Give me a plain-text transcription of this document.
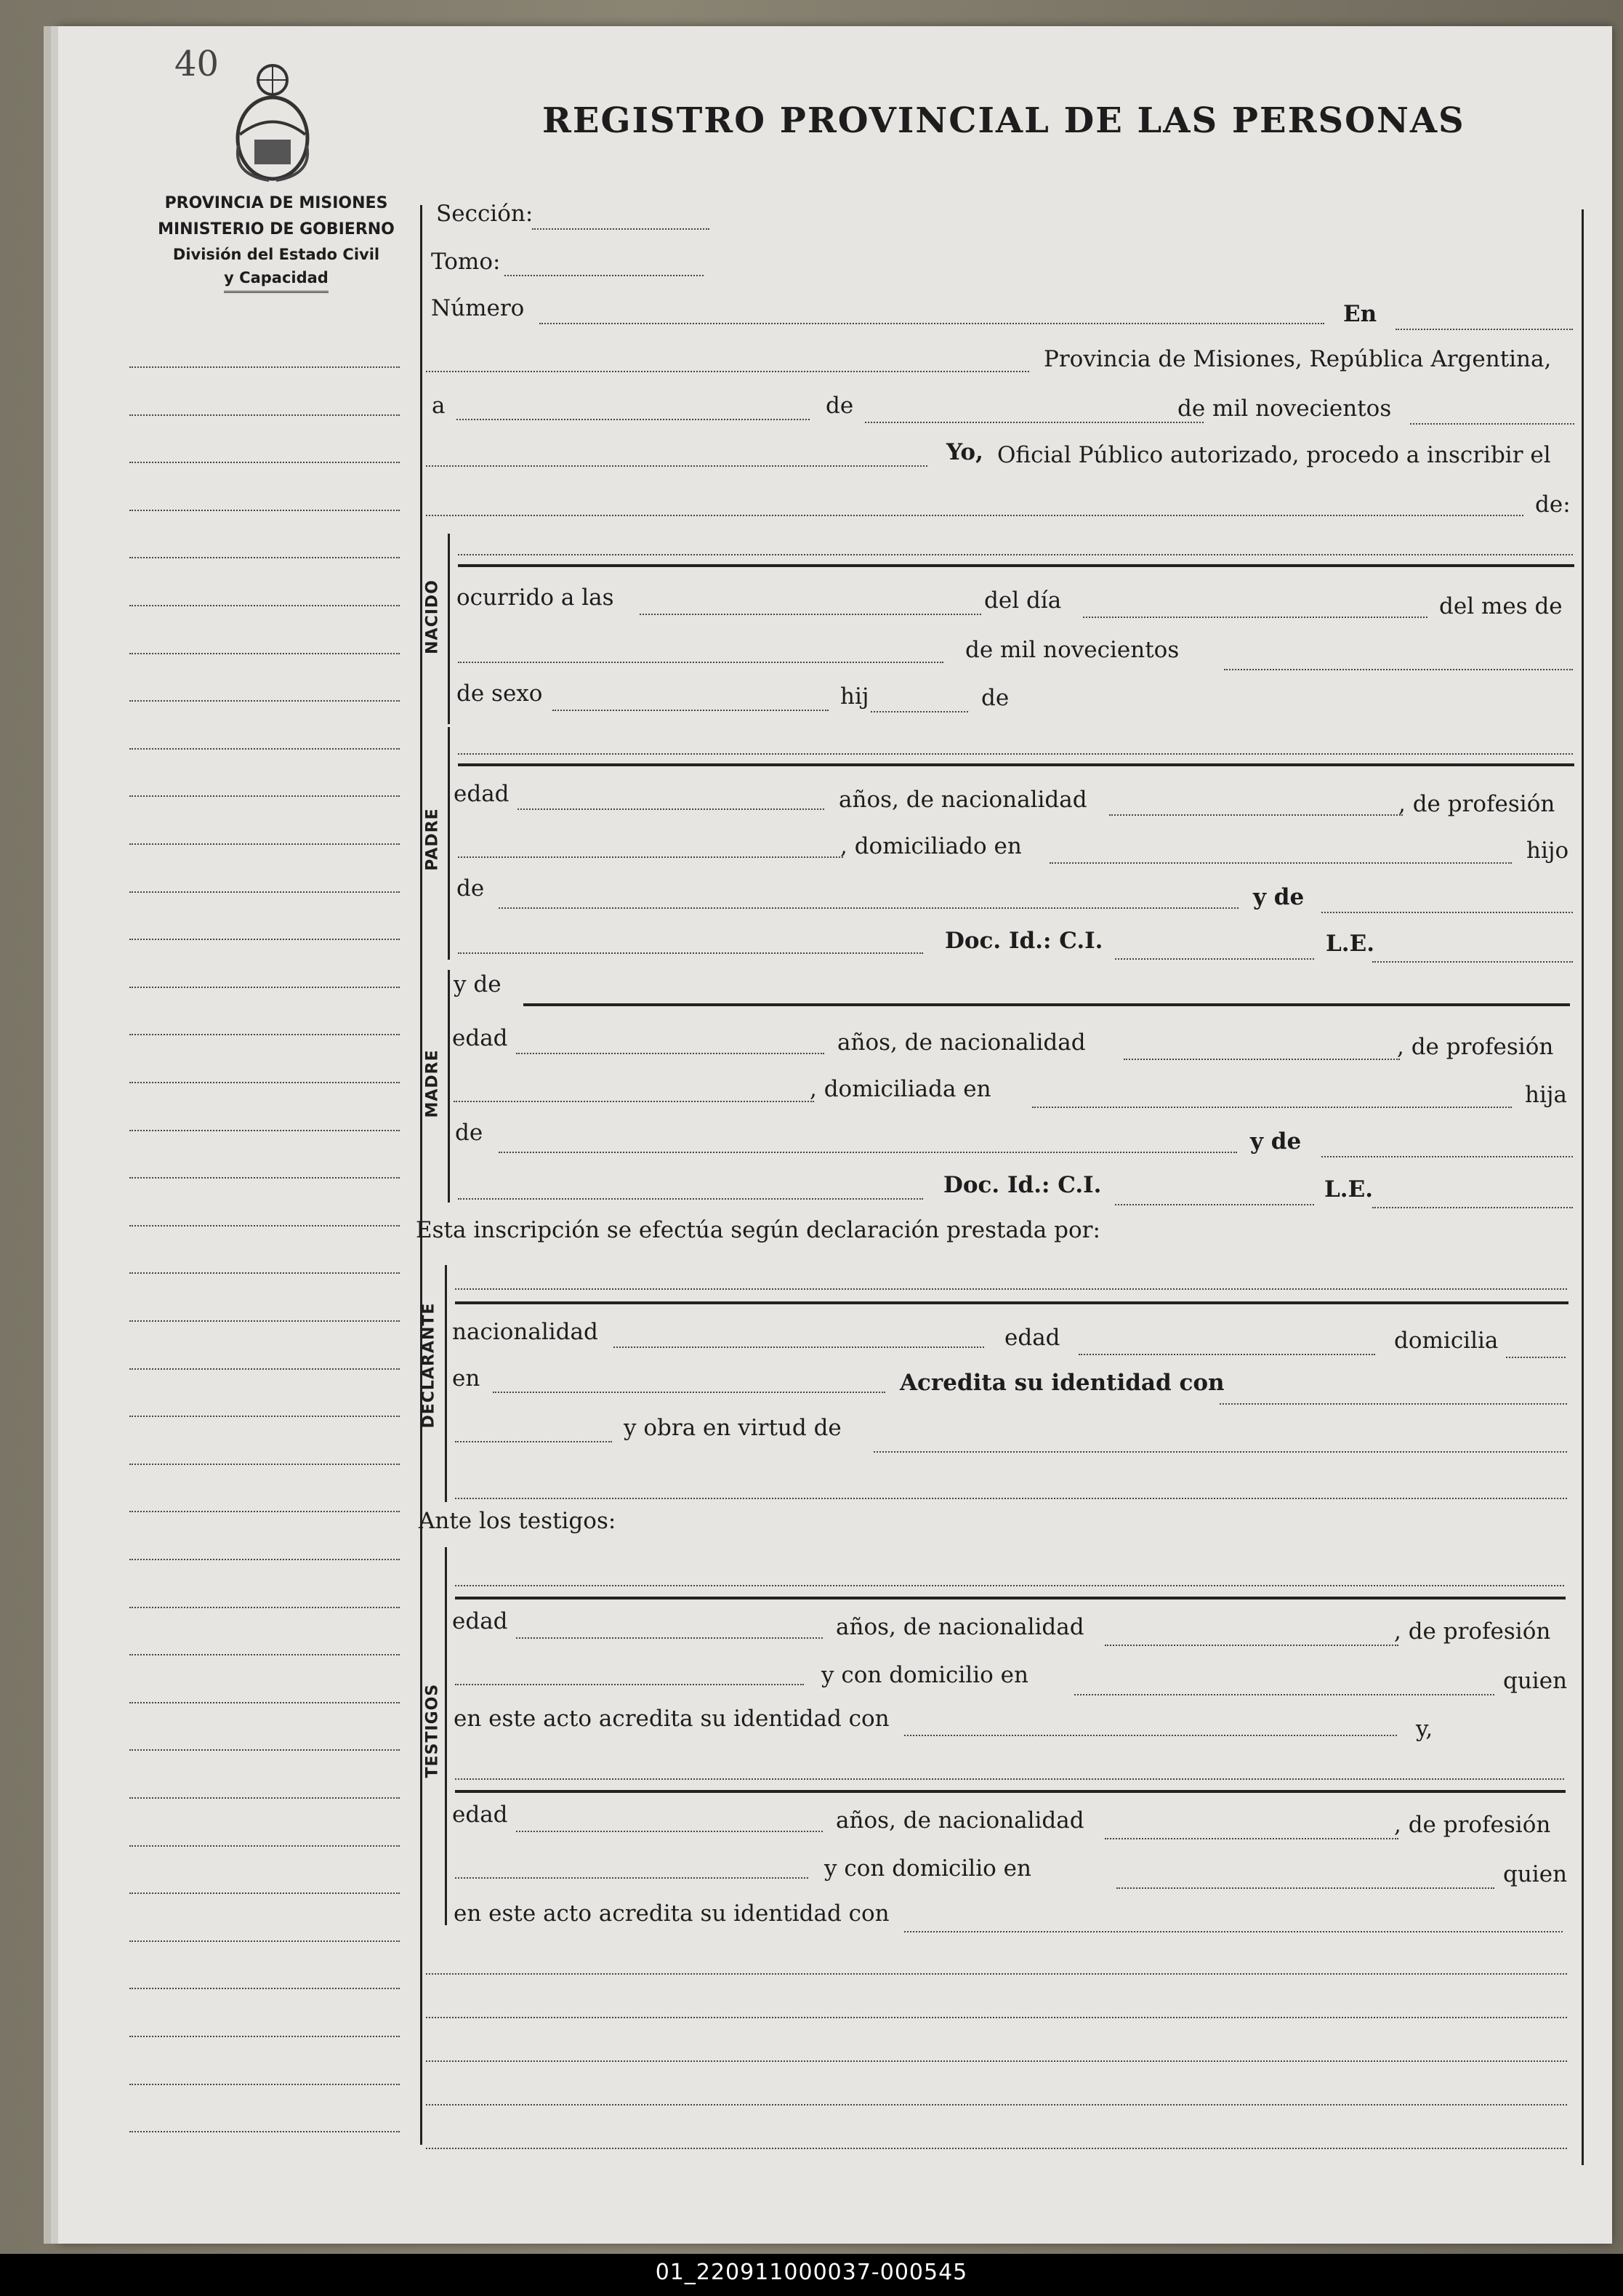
40
REGISTRO PROVINCIAL DE LAS PERSONAS
PROVINCIA DE MISIONES
MINISTERIO DE GOBIERNO
División del Estado Civil
y Capacidad
Sección:
Tomo:
Número	En
Provincia de Misiones, República Argentina,
a	de	de mil novecientos
Yo, Oficial Público autorizado, procedo a inscribir el
de:
NACIDO ocurrido a las	del día	del mes de
de mil novecientos
de sexo	hij	de
PADRE
edad	años, de nacionalidad	, de profesión
, domiciliado en	hijo
de	y de
Doc. Id.: C.I.	L.E.
MADRE
y de
edad	años, de nacionalidad	, de profesión
, domiciliada en	hija
de	y de
Doc. Id.: C.I.	L.E.
Esta inscripción se efectúa según declaración prestada por:
DECLARANTE nacionalidad	edad	domicilia
en	Acredita su identidad con
y obra en virtud de
Ante los testigos:
TESTIGOS
edad	años, de nacionalidad	, de profesión
y con domicilio en	quien
en este acto acredita su identidad con	y,
edad	años, de nacionalidad	, de profesión
y con domicilio en	quien
en este acto acredita su identidad con
01_220911000037-000545
